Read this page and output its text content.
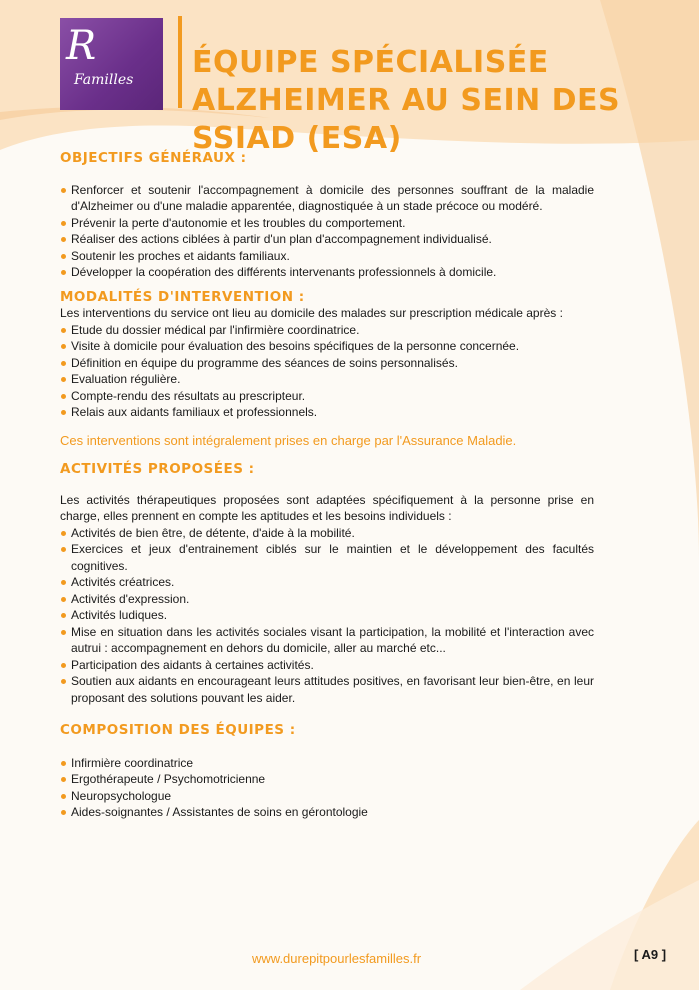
R
Familles ÉQUIPE SPÉCIALISÉE ALZHEIMER AU SEIN DES SSIAD (ESA)
OBJECTIFS GÉNÉRAUX :
Renforcer et soutenir l'accompagnement à domicile des personnes souffrant de la maladie d'Alzheimer ou d'une maladie apparentée, diagnostiquée à un stade précoce ou modéré.
Prévenir la perte d'autonomie et les troubles du comportement.
Réaliser des actions ciblées à partir d'un plan d'accompagnement individualisé.
Soutenir les proches et aidants familiaux.
Développer la coopération des différents intervenants professionnels à domicile.
MODALITÉS D'INTERVENTION :

Les interventions du service ont lieu au domicile des malades sur prescription médicale après :

Etude du dossier médical par l'infirmière coordinatrice.
Visite à domicile pour évaluation des besoins spécifiques de la personne concernée.
Définition en équipe du programme des séances de soins personnalisés.
Evaluation régulière.
Compte-rendu des résultats au prescripteur.
Relais aux aidants familiaux et professionnels.

Ces interventions sont intégralement prises en charge par l'Assurance Maladie.

ACTIVITÉS PROPOSÉES :

Les activités thérapeutiques proposées sont adaptées spécifiquement à la personne prise en charge, elles prennent en compte les aptitudes et les besoins individuels :

Activités de bien être, de détente, d'aide à la mobilité.
Exercices et jeux d'entrainement ciblés sur le maintien et le développement des facultés cognitives.
Activités créatrices.
Activités d'expression.
Activités ludiques.
Mise en situation dans les activités sociales visant la participation, la mobilité et l'interaction avec autrui : accompagnement en dehors du domicile, aller au marché etc...
Participation des aidants à certaines activités.
Soutien aux aidants en encourageant leurs attitudes positives, en favorisant leur bien-être, en leur proposant des solutions pouvant les aider.
COMPOSITION DES ÉQUIPES :
Infirmière coordinatrice
Ergothérapeute / Psychomotricienne
Neuropsychologue
Aides-soignantes / Assistantes de soins en gérontologie
www.durepitpourlesfamilles.fr	[ A9 ]
